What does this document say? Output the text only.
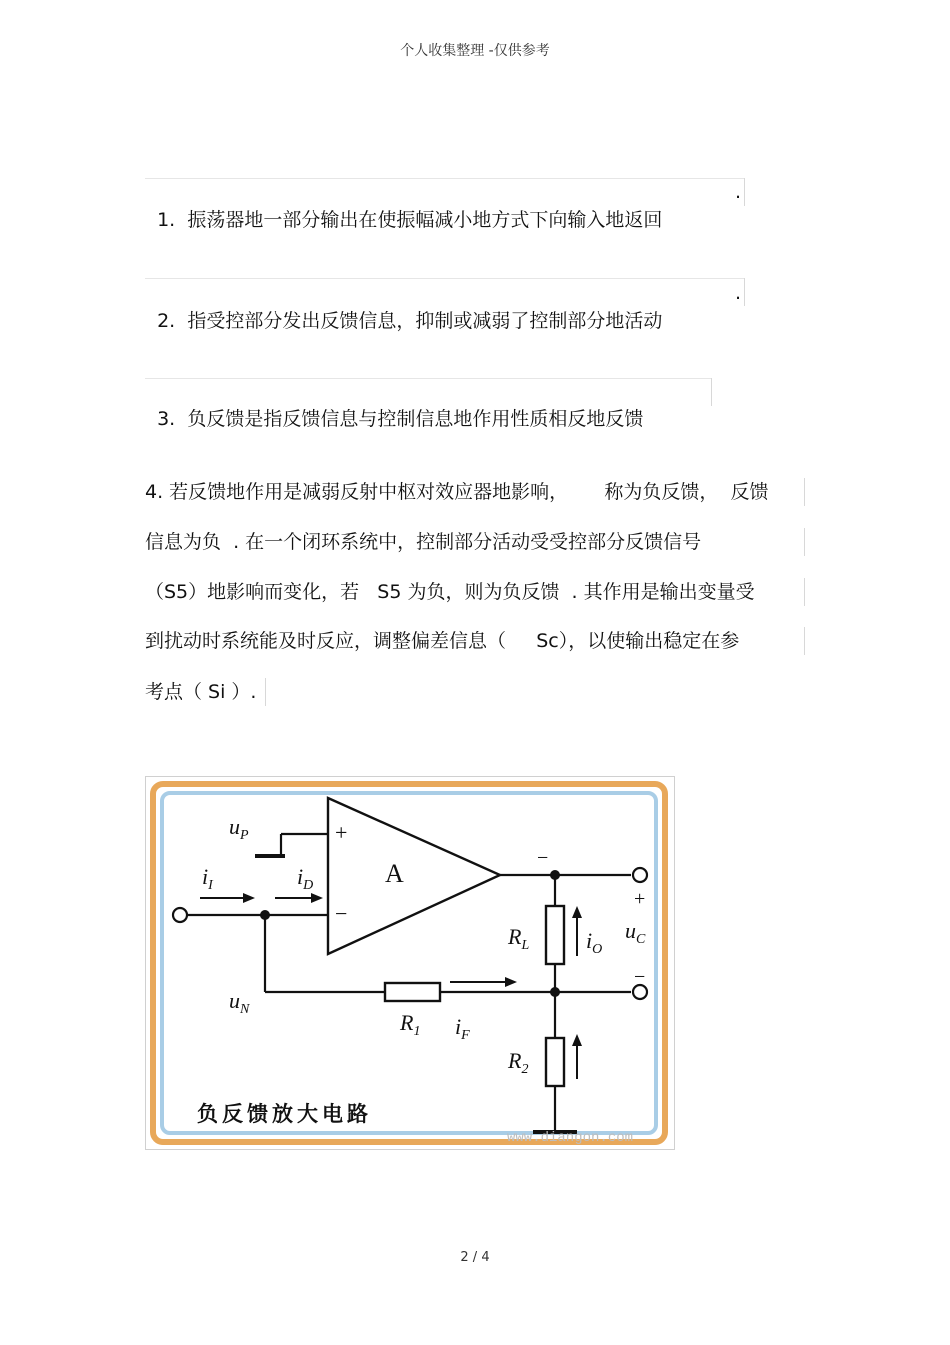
个人收集整理 -仅供参考

1. 振荡器地一部分输出在使振幅减小地方式下向输入地返回

.

2. 指受控部分发出反馈信息，抑制或减弱了控制部分地活动

.

3. 负反馈是指反馈信息与控制信息地作用性质相反地反馈

4. 若反馈地作用是减弱反射中枢对效应器地影响，      称为负反馈，  反馈
信息为负  . 在一个闭环系统中，控制部分活动受受控部分反馈信号
（S5）地影响而变化，若   S5 为负，则为负反馈  . 其作用是输出变量受
到扰动时系统能及时反应，调整偏差信息（     Sc），以使输出稳定在参
考点（ Si ）.
$u_P$
$i_I$	$i_D$	A
+
−
−
+
−
$u_N$
$R_L$	$i_O$
$u_C$
$R_1$ $i_F$
$R_2$
负反馈放大电路
www.diangon.com
2 / 4
